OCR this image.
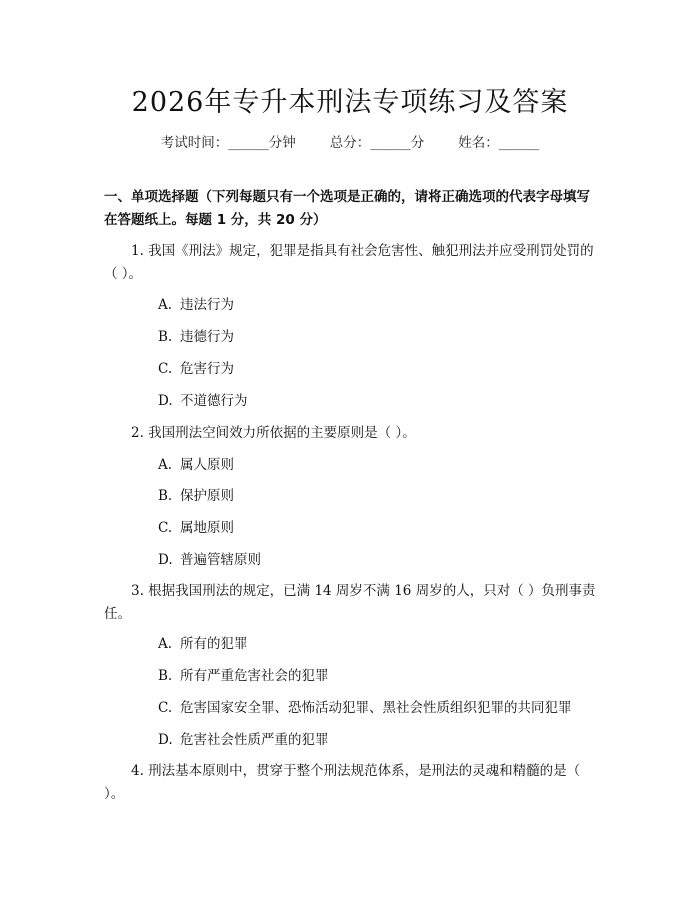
2026年专升本刑法专项练习及答案
考试时间：______分钟	总分：______分	姓名：______
一、单项选择题（下列每题只有一个选项是正确的，请将正确选项的代表字母填写在答题纸上。每题 1 分，共 20 分）
1. 我国《刑法》规定，犯罪是指具有社会危害性、触犯刑法并应受刑罚处罚的（ ）。
A. 违法行为
B. 违德行为
C. 危害行为
D. 不道德行为
2. 我国刑法空间效力所依据的主要原则是（ ）。
A. 属人原则
B. 保护原则
C. 属地原则
D. 普遍管辖原则
3. 根据我国刑法的规定，已满 14 周岁不满 16 周岁的人，只对（ ）负刑事责任。
A. 所有的犯罪
B. 所有严重危害社会的犯罪
C. 危害国家安全罪、恐怖活动犯罪、黑社会性质组织犯罪的共同犯罪
D. 危害社会性质严重的犯罪
4. 刑法基本原则中，贯穿于整个刑法规范体系，是刑法的灵魂和精髓的是（ ）。
